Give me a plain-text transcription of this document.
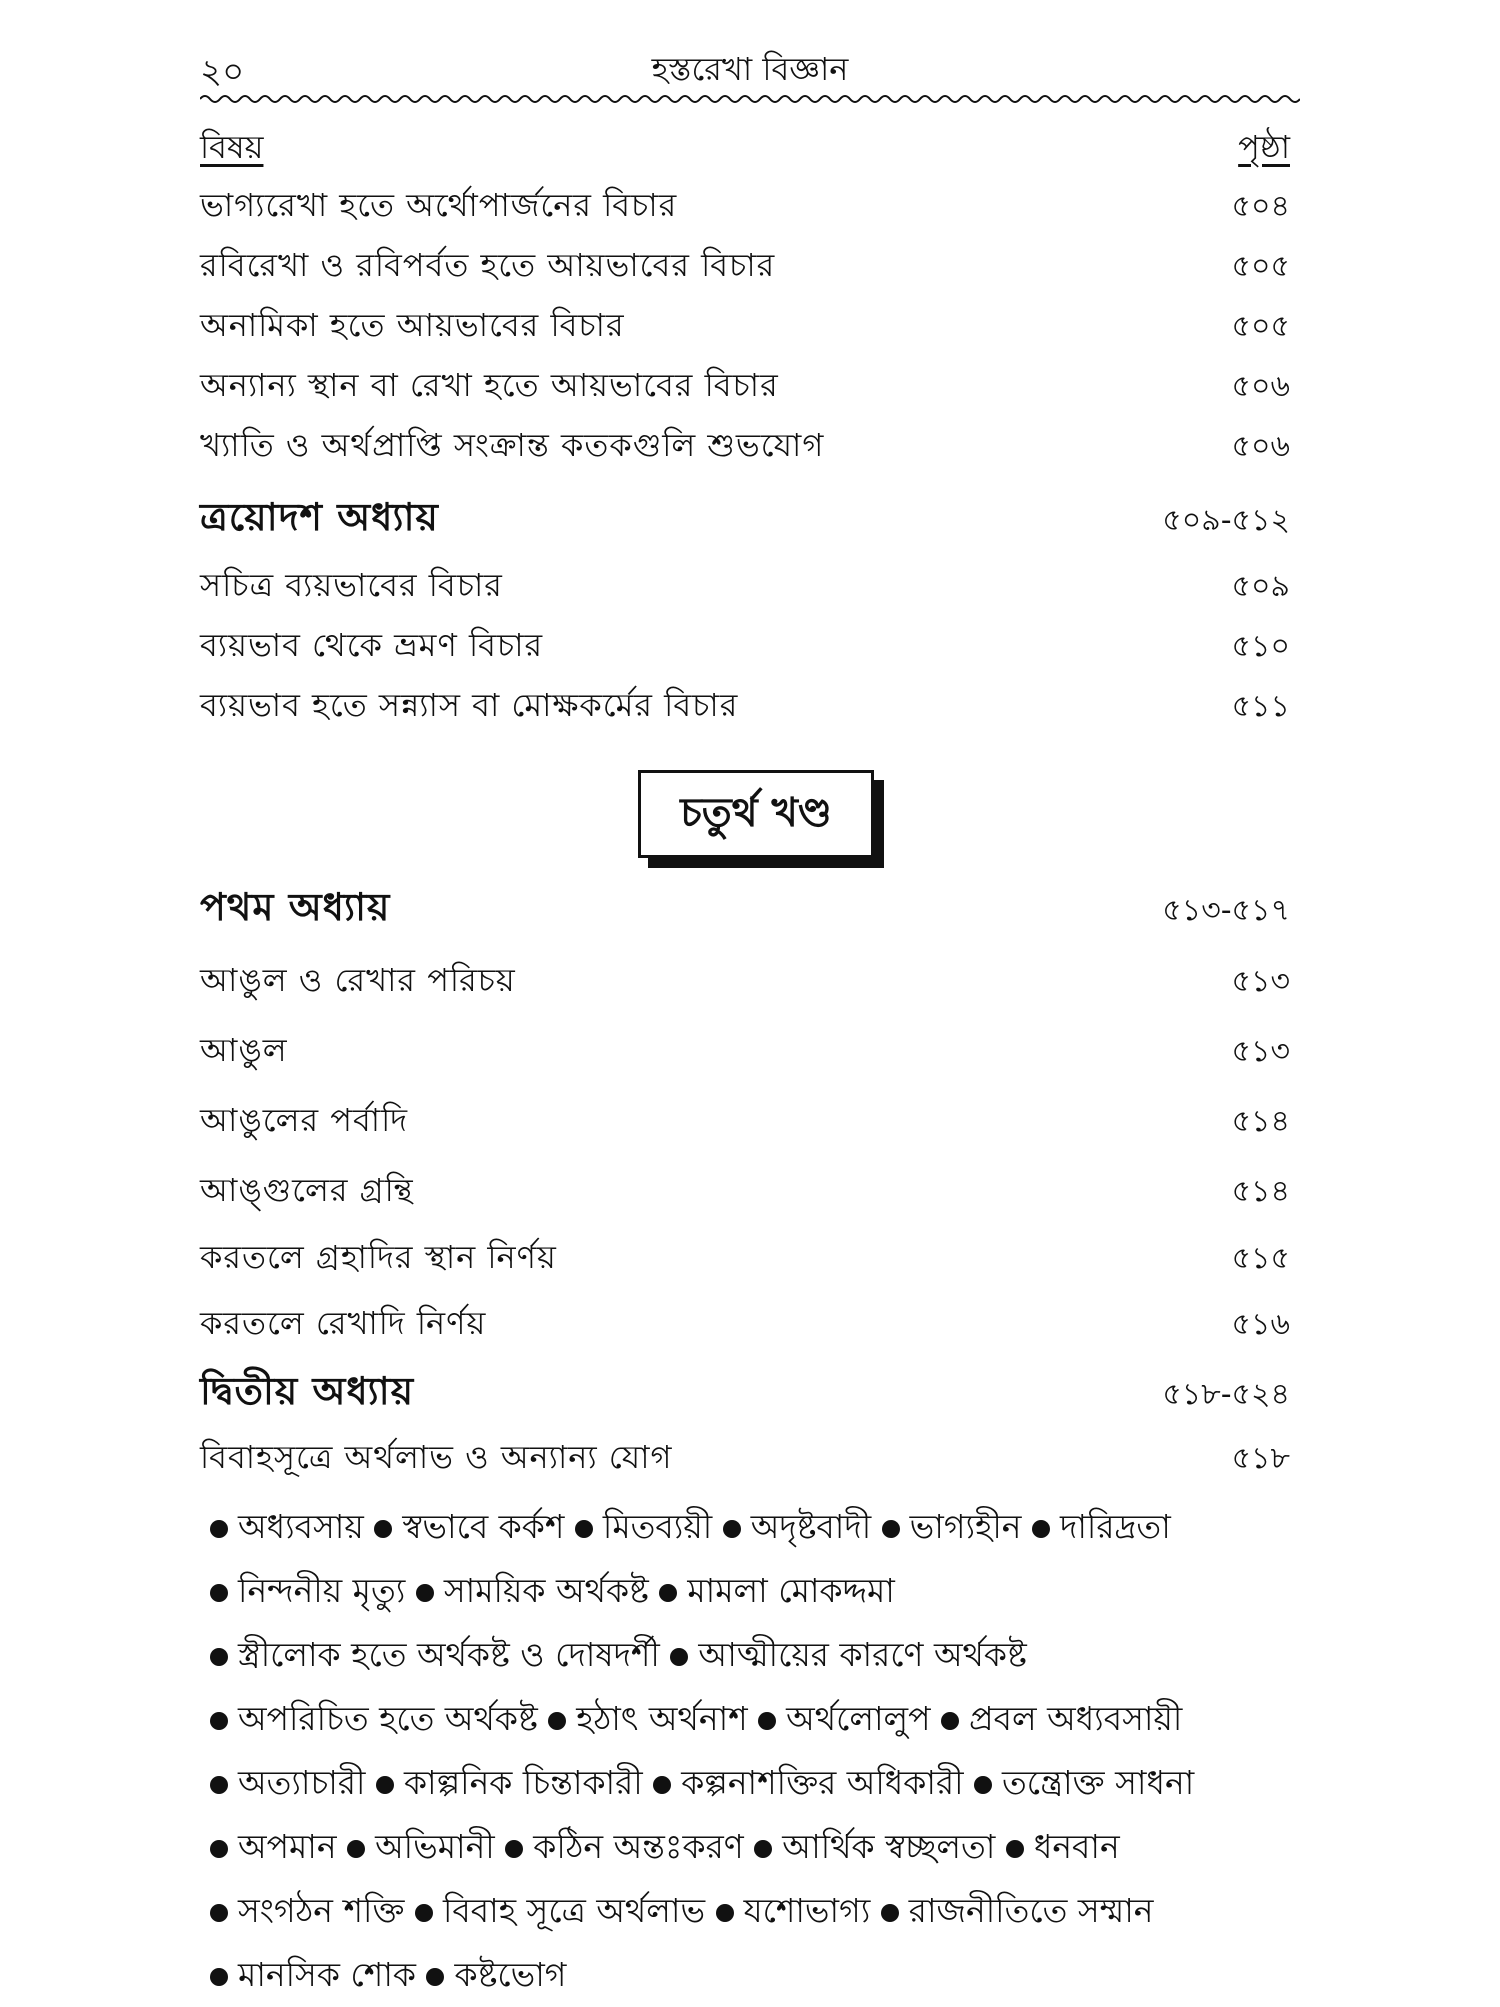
২০	হস্তরেখা বিজ্ঞান
বিষয়	পৃষ্ঠা
ভাগ্যরেখা হতে অর্থোপার্জনের বিচার	৫০৪
রবিরেখা ও রবিপর্বত হতে আয়ভাবের বিচার	৫০৫
অনামিকা হতে আয়ভাবের বিচার	৫০৫
অন্যান্য স্থান বা রেখা হতে আয়ভাবের বিচার	৫০৬
খ্যাতি ও অর্থপ্রাপ্তি সংক্রান্ত কতকগুলি শুভযোগ	৫০৬
ত্রয়োদশ অধ্যায়	৫০৯-৫১২
সচিত্র ব্যয়ভাবের বিচার	৫০৯
ব্যয়ভাব থেকে ভ্রমণ বিচার	৫১০
ব্যয়ভাব হতে সন্ন্যাস বা মোক্ষকর্মের বিচার	৫১১
চতুর্থ খণ্ড
পথম অধ্যায়	৫১৩-৫১৭
আঙুল ও রেখার পরিচয়	৫১৩
আঙুল	৫১৩
আঙুলের পর্বাদি	৫১৪
আঙ্গুলের গ্রন্থি	৫১৪
করতলে গ্রহাদির স্থান নির্ণয়	৫১৫
করতলে রেখাদি নির্ণয়	৫১৬
দ্বিতীয় অধ্যায়	৫১৮-৫২৪
বিবাহসূত্রে অর্থলাভ ও অন্যান্য যোগ	৫১৮
অধ্যবসায় স্বভাবে কর্কশ মিতব্যয়ী অদৃষ্টবাদী ভাগ্যহীন দারিদ্রতা নিন্দনীয় মৃত্যু সাময়িক অর্থকষ্ট মামলা মোকদ্দমা স্ত্রীলোক হতে অর্থকষ্ট ও দোষদর্শী আত্মীয়ের কারণে অর্থকষ্ট অপরিচিত হতে অর্থকষ্ট হঠাৎ অর্থনাশ অর্থলোলুপ প্রবল অধ্যবসায়ী অত্যাচারী কাল্পনিক চিন্তাকারী কল্পনাশক্তির অধিকারী তন্ত্রোক্ত সাধনা অপমান অভিমানী কঠিন অন্তঃকরণ আর্থিক স্বচ্ছলতা ধনবান সংগঠন শক্তি বিবাহ সূত্রে অর্থলাভ যশোভাগ্য রাজনীতিতে সম্মান মানসিক শোক কষ্টভোগ
